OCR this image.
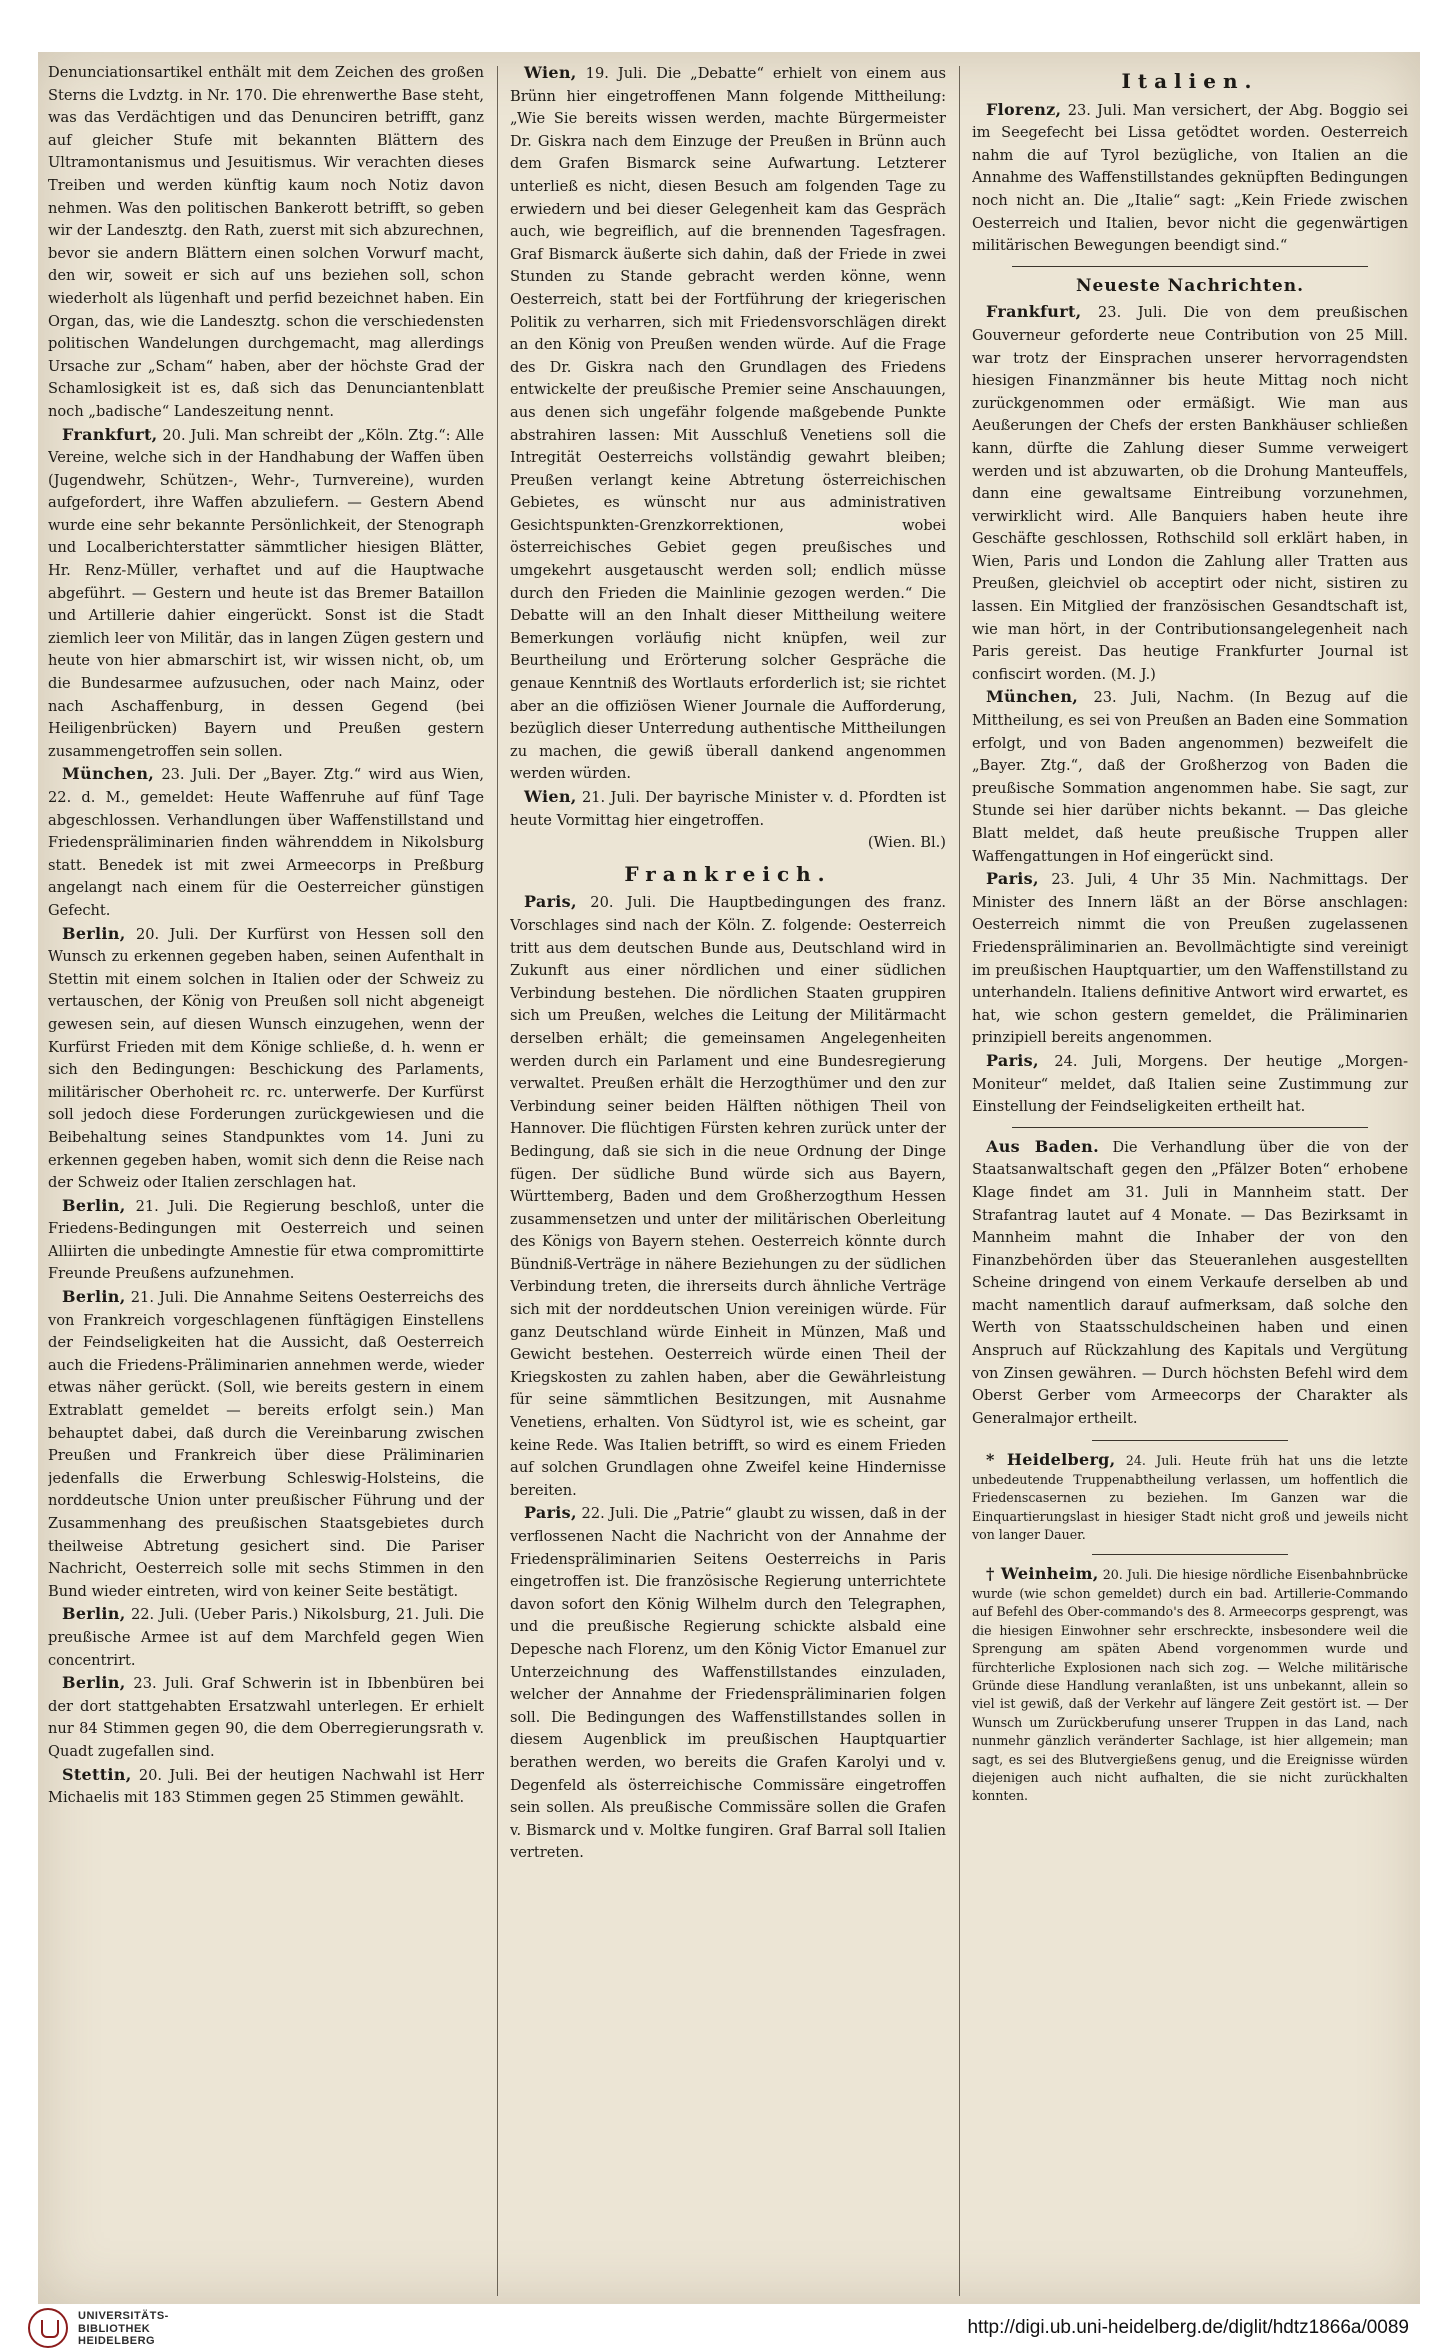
Denunciationsartikel enthält mit dem Zeichen des großen Sterns die Lvdztg. in Nr. 170. Die ehrenwerthe Base steht, was das Verdächtigen und das Denunciren betrifft, ganz auf gleicher Stufe mit bekannten Blättern des Ultramontanismus und Jesuitismus. Wir verachten dieses Treiben und werden künftig kaum noch Notiz davon nehmen. Was den politischen Bankerott betrifft, so geben wir der Landesztg. den Rath, zuerst mit sich abzurechnen, bevor sie andern Blättern einen solchen Vorwurf macht, den wir, soweit er sich auf uns beziehen soll, schon wiederholt als lügenhaft und perfid bezeichnet haben. Ein Organ, das, wie die Landesztg. schon die verschiedensten politischen Wandelungen durchgemacht, mag allerdings Ursache zur „Scham“ haben, aber der höchste Grad der Schamlosigkeit ist es, daß sich das Denunciantenblatt noch „badische“ Landeszeitung nennt.

Frankfurt, 20. Juli. Man schreibt der „Köln. Ztg.“: Alle Vereine, welche sich in der Handhabung der Waffen üben (Jugendwehr, Schützen-, Wehr-, Turnvereine), wurden aufgefordert, ihre Waffen abzuliefern. — Gestern Abend wurde eine sehr bekannte Persönlichkeit, der Stenograph und Localberichterstatter sämmtlicher hiesigen Blätter, Hr. Renz-Müller, verhaftet und auf die Hauptwache abgeführt. — Gestern und heute ist das Bremer Bataillon und Artillerie dahier eingerückt. Sonst ist die Stadt ziemlich leer von Militär, das in langen Zügen gestern und heute von hier abmarschirt ist, wir wissen nicht, ob, um die Bundesarmee aufzusuchen, oder nach Mainz, oder nach Aschaffenburg, in dessen Gegend (bei Heiligenbrücken) Bayern und Preußen gestern zusammengetroffen sein sollen.

München, 23. Juli. Der „Bayer. Ztg.“ wird aus Wien, 22. d. M., gemeldet: Heute Waffenruhe auf fünf Tage abgeschlossen. Verhandlungen über Waffenstillstand und Friedenspräliminarien finden währenddem in Nikolsburg statt. Benedek ist mit zwei Armeecorps in Preßburg angelangt nach einem für die Oesterreicher günstigen Gefecht.

Berlin, 20. Juli. Der Kurfürst von Hessen soll den Wunsch zu erkennen gegeben haben, seinen Aufenthalt in Stettin mit einem solchen in Italien oder der Schweiz zu vertauschen, der König von Preußen soll nicht abgeneigt gewesen sein, auf diesen Wunsch einzugehen, wenn der Kurfürst Frieden mit dem Könige schließe, d. h. wenn er sich den Bedingungen: Beschickung des Parlaments, militärischer Oberhoheit rc. rc. unterwerfe. Der Kurfürst soll jedoch diese Forderungen zurückgewiesen und die Beibehaltung seines Standpunktes vom 14. Juni zu erkennen gegeben haben, womit sich denn die Reise nach der Schweiz oder Italien zerschlagen hat.

Berlin, 21. Juli. Die Regierung beschloß, unter die Friedens-Bedingungen mit Oesterreich und seinen Alliirten die unbedingte Amnestie für etwa compromittirte Freunde Preußens aufzunehmen.

Berlin, 21. Juli. Die Annahme Seitens Oesterreichs des von Frankreich vorgeschlagenen fünftägigen Einstellens der Feindseligkeiten hat die Aussicht, daß Oesterreich auch die Friedens-Präliminarien annehmen werde, wieder etwas näher gerückt. (Soll, wie bereits gestern in einem Extrablatt gemeldet — bereits erfolgt sein.) Man behauptet dabei, daß durch die Vereinbarung zwischen Preußen und Frankreich über diese Präliminarien jedenfalls die Erwerbung Schleswig-Holsteins, die norddeutsche Union unter preußischer Führung und der Zusammenhang des preußischen Staatsgebietes durch theilweise Abtretung gesichert sind. Die Pariser Nachricht, Oesterreich solle mit sechs Stimmen in den Bund wieder eintreten, wird von keiner Seite bestätigt.

Berlin, 22. Juli. (Ueber Paris.) Nikolsburg, 21. Juli. Die preußische Armee ist auf dem Marchfeld gegen Wien concentrirt.

Berlin, 23. Juli. Graf Schwerin ist in Ibbenbüren bei der dort stattgehabten Ersatzwahl unterlegen. Er erhielt nur 84 Stimmen gegen 90, die dem Oberregierungsrath v. Quadt zugefallen sind.

Stettin, 20. Juli. Bei der heutigen Nachwahl ist Herr Michaelis mit 183 Stimmen gegen 25 Stimmen gewählt.

Wien, 19. Juli. Die „Debatte“ erhielt von einem aus Brünn hier eingetroffenen Mann folgende Mittheilung: „Wie Sie bereits wissen werden, machte Bürgermeister Dr. Giskra nach dem Einzuge der Preußen in Brünn auch dem Grafen Bismarck seine Aufwartung. Letzterer unterließ es nicht, diesen Besuch am folgenden Tage zu erwiedern und bei dieser Gelegenheit kam das Gespräch auch, wie begreiflich, auf die brennenden Tagesfragen. Graf Bismarck äußerte sich dahin, daß der Friede in zwei Stunden zu Stande gebracht werden könne, wenn Oesterreich, statt bei der Fortführung der kriegerischen Politik zu verharren, sich mit Friedensvorschlägen direkt an den König von Preußen wenden würde. Auf die Frage des Dr. Giskra nach den Grundlagen des Friedens entwickelte der preußische Premier seine Anschauungen, aus denen sich ungefähr folgende maßgebende Punkte abstrahiren lassen: Mit Ausschluß Venetiens soll die Intregität Oesterreichs vollständig gewahrt bleiben; Preußen verlangt keine Abtretung österreichischen Gebietes, es wünscht nur aus administrativen Gesichtspunkten-Grenzkorrektionen, wobei österreichisches Gebiet gegen preußisches und umgekehrt ausgetauscht werden soll; endlich müsse durch den Frieden die Mainlinie gezogen werden.“ Die Debatte will an den Inhalt dieser Mittheilung weitere Bemerkungen vorläufig nicht knüpfen, weil zur Beurtheilung und Erörterung solcher Gespräche die genaue Kenntniß des Wortlauts erforderlich ist; sie richtet aber an die offiziösen Wiener Journale die Aufforderung, bezüglich dieser Unterredung authentische Mittheilungen zu machen, die gewiß überall dankend angenommen werden würden.

Wien, 21. Juli. Der bayrische Minister v. d. Pfordten ist heute Vormittag hier eingetroffen.
(Wien. Bl.)

Frankreich.

Paris, 20. Juli. Die Hauptbedingungen des franz. Vorschlages sind nach der Köln. Z. folgende: Oesterreich tritt aus dem deutschen Bunde aus, Deutschland wird in Zukunft aus einer nördlichen und einer südlichen Verbindung bestehen. Die nördlichen Staaten gruppiren sich um Preußen, welches die Leitung der Militärmacht derselben erhält; die gemeinsamen Angelegenheiten werden durch ein Parlament und eine Bundesregierung verwaltet. Preußen erhält die Herzogthümer und den zur Verbindung seiner beiden Hälften nöthigen Theil von Hannover. Die flüchtigen Fürsten kehren zurück unter der Bedingung, daß sie sich in die neue Ordnung der Dinge fügen. Der südliche Bund würde sich aus Bayern, Württemberg, Baden und dem Großherzogthum Hessen zusammensetzen und unter der militärischen Oberleitung des Königs von Bayern stehen. Oesterreich könnte durch Bündniß-Verträge in nähere Beziehungen zu der südlichen Verbindung treten, die ihrerseits durch ähnliche Verträge sich mit der norddeutschen Union vereinigen würde. Für ganz Deutschland würde Einheit in Münzen, Maß und Gewicht bestehen. Oesterreich würde einen Theil der Kriegskosten zu zahlen haben, aber die Gewährleistung für seine sämmtlichen Besitzungen, mit Ausnahme Venetiens, erhalten. Von Südtyrol ist, wie es scheint, gar keine Rede. Was Italien betrifft, so wird es einem Frieden auf solchen Grundlagen ohne Zweifel keine Hindernisse bereiten.

Paris, 22. Juli. Die „Patrie“ glaubt zu wissen, daß in der verflossenen Nacht die Nachricht von der Annahme der Friedenspräliminarien Seitens Oesterreichs in Paris eingetroffen ist. Die französische Regierung unterrichtete davon sofort den König Wilhelm durch den Telegraphen, und die preußische Regierung schickte alsbald eine Depesche nach Florenz, um den König Victor Emanuel zur Unterzeichnung des Waffenstillstandes einzuladen, welcher der Annahme der Friedenspräliminarien folgen soll. Die Bedingungen des Waffenstillstandes sollen in diesem Augenblick im preußischen Hauptquartier berathen werden, wo bereits die Grafen Karolyi und v. Degenfeld als österreichische Commissäre eingetroffen sein sollen. Als preußische Commissäre sollen die Grafen v. Bismarck und v. Moltke fungiren. Graf Barral soll Italien vertreten.

Italien.

Florenz, 23. Juli. Man versichert, der Abg. Boggio sei im Seegefecht bei Lissa getödtet worden. Oesterreich nahm die auf Tyrol bezügliche, von Italien an die Annahme des Waffenstillstandes geknüpften Bedingungen noch nicht an. Die „Italie“ sagt: „Kein Friede zwischen Oesterreich und Italien, bevor nicht die gegenwärtigen militärischen Bewegungen beendigt sind.“

Neueste Nachrichten.

Frankfurt, 23. Juli. Die von dem preußischen Gouverneur geforderte neue Contribution von 25 Mill. war trotz der Einsprachen unserer hervorragendsten hiesigen Finanzmänner bis heute Mittag noch nicht zurückgenommen oder ermäßigt. Wie man aus Aeußerungen der Chefs der ersten Bankhäuser schließen kann, dürfte die Zahlung dieser Summe verweigert werden und ist abzuwarten, ob die Drohung Manteuffels, dann eine gewaltsame Eintreibung vorzunehmen, verwirklicht wird. Alle Banquiers haben heute ihre Geschäfte geschlossen, Rothschild soll erklärt haben, in Wien, Paris und London die Zahlung aller Tratten aus Preußen, gleichviel ob acceptirt oder nicht, sistiren zu lassen. Ein Mitglied der französischen Gesandtschaft ist, wie man hört, in der Contributionsangelegenheit nach Paris gereist. Das heutige Frankfurter Journal ist confiscirt worden. (M. J.)

München, 23. Juli, Nachm. (In Bezug auf die Mittheilung, es sei von Preußen an Baden eine Sommation erfolgt, und von Baden angenommen) bezweifelt die „Bayer. Ztg.“, daß der Großherzog von Baden die preußische Sommation angenommen habe. Sie sagt, zur Stunde sei hier darüber nichts bekannt. — Das gleiche Blatt meldet, daß heute preußische Truppen aller Waffengattungen in Hof eingerückt sind.

Paris, 23. Juli, 4 Uhr 35 Min. Nachmittags. Der Minister des Innern läßt an der Börse anschlagen: Oesterreich nimmt die von Preußen zugelassenen Friedenspräliminarien an. Bevollmächtigte sind vereinigt im preußischen Hauptquartier, um den Waffenstillstand zu unterhandeln. Italiens definitive Antwort wird erwartet, es hat, wie schon gestern gemeldet, die Präliminarien prinzipiell bereits angenommen.

Paris, 24. Juli, Morgens. Der heutige „Morgen-Moniteur“ meldet, daß Italien seine Zustimmung zur Einstellung der Feindseligkeiten ertheilt hat.

Aus Baden. Die Verhandlung über die von der Staatsanwaltschaft gegen den „Pfälzer Boten“ erhobene Klage findet am 31. Juli in Mannheim statt. Der Strafantrag lautet auf 4 Monate. — Das Bezirksamt in Mannheim mahnt die Inhaber der von den Finanzbehörden über das Steueranlehen ausgestellten Scheine dringend von einem Verkaufe derselben ab und macht namentlich darauf aufmerksam, daß solche den Werth von Staatsschuldscheinen haben und einen Anspruch auf Rückzahlung des Kapitals und Vergütung von Zinsen gewähren. — Durch höchsten Befehl wird dem Oberst Gerber vom Armeecorps der Charakter als Generalmajor ertheilt.

* Heidelberg, 24. Juli. Heute früh hat uns die letzte unbedeutende Truppenabtheilung verlassen, um hoffentlich die Friedenscasernen zu beziehen. Im Ganzen war die Einquartierungslast in hiesiger Stadt nicht groß und jeweils nicht von langer Dauer.

† Weinheim, 20. Juli. Die hiesige nördliche Eisenbahnbrücke wurde (wie schon gemeldet) durch ein bad. Artillerie-Commando auf Befehl des Ober-commando's des 8. Armeecorps gesprengt, was die hiesigen Einwohner sehr erschreckte, insbesondere weil die Sprengung am späten Abend vorgenommen wurde und fürchterliche Explosionen nach sich zog. — Welche militärische Gründe diese Handlung veranlaßten, ist uns unbekannt, allein so viel ist gewiß, daß der Verkehr auf längere Zeit gestört ist. — Der Wunsch um Zurückberufung unserer Truppen in das Land, nach nunmehr gänzlich veränderter Sachlage, ist hier allgemein; man sagt, es sei des Blutvergießens genug, und die Ereignisse würden diejenigen auch nicht aufhalten, die sie nicht zurückhalten konnten.

UNIVERSITÄTS-
BIBLIOTHEK
HEIDELBERG
http://digi.ub.uni-heidelberg.de/diglit/hdtz1866a/0089
